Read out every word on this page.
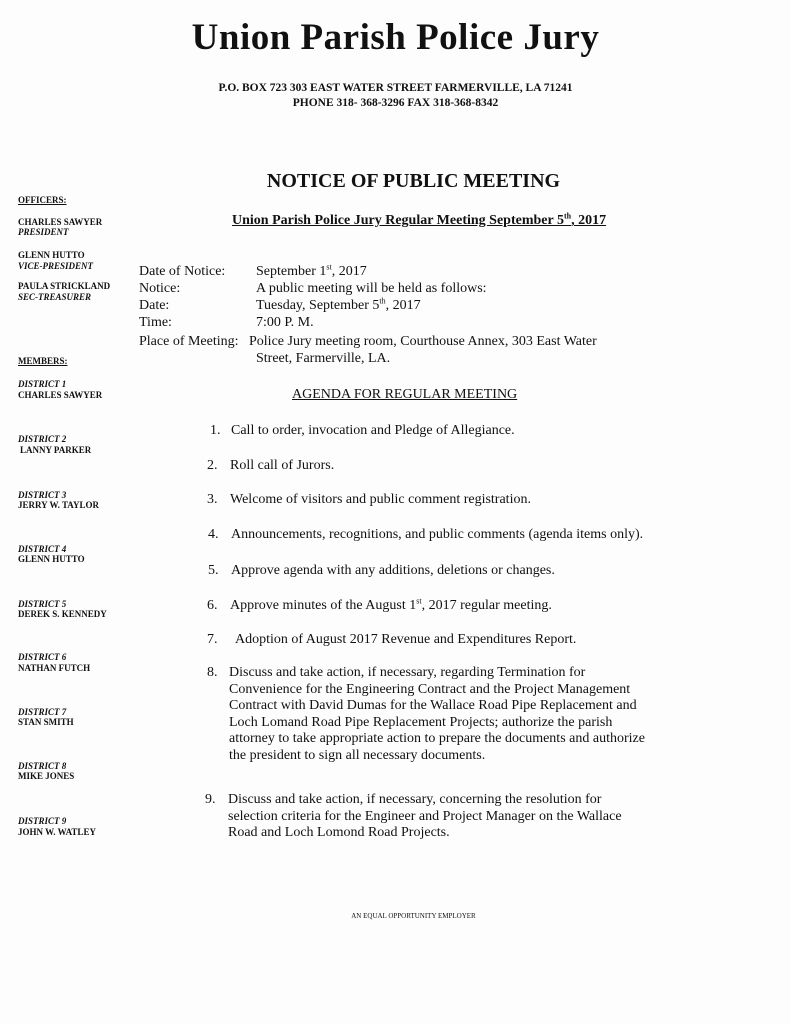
Union Parish Police Jury
P.O. BOX 723 303 EAST WATER STREET FARMERVILLE, LA 71241
PHONE 318- 368-3296 FAX 318-368-8342
NOTICE OF PUBLIC MEETING
Union Parish Police Jury Regular Meeting September 5th, 2017
OFFICERS:
CHARLES SAWYER
PRESIDENT
GLENN HUTTO
VICE-PRESIDENT
PAULA STRICKLAND
SEC-TREASURER
MEMBERS:
DISTRICT 1
CHARLES SAWYER
DISTRICT 2
LANNY PARKER
DISTRICT 3
JERRY W. TAYLOR
DISTRICT 4
GLENN HUTTO
DISTRICT 5
DEREK S. KENNEDY
DISTRICT 6
NATHAN FUTCH
DISTRICT 7
STAN SMITH
DISTRICT 8
MIKE JONES
DISTRICT 9
JOHN W. WATLEY
Date of Notice: September 1st, 2017
Notice:	A public meeting will be held as follows:
Date:	Tuesday, September 5th, 2017
Time:	7:00 P. M.
Place of Meeting: Police Jury meeting room, Courthouse Annex, 303 East Water
Street, Farmerville, LA.
AGENDA FOR REGULAR MEETING
1. Call to order, invocation and Pledge of Allegiance.
2. Roll call of Jurors.
3. Welcome of visitors and public comment registration.
4. Announcements, recognitions, and public comments (agenda items only).
5. Approve agenda with any additions, deletions or changes.
6. Approve minutes of the August 1st, 2017 regular meeting.
7. Adoption of August 2017 Revenue and Expenditures Report.
8. Discuss and take action, if necessary, regarding Termination for
Convenience for the Engineering Contract and the Project Management
Contract with David Dumas for the Wallace Road Pipe Replacement and
Loch Lomand Road Pipe Replacement Projects; authorize the parish
attorney to take appropriate action to prepare the documents and authorize
the president to sign all necessary documents.
9. Discuss and take action, if necessary, concerning the resolution for
selection criteria for the Engineer and Project Manager on the Wallace
Road and Loch Lomond Road Projects.
AN EQUAL OPPORTUNITY EMPLOYER
